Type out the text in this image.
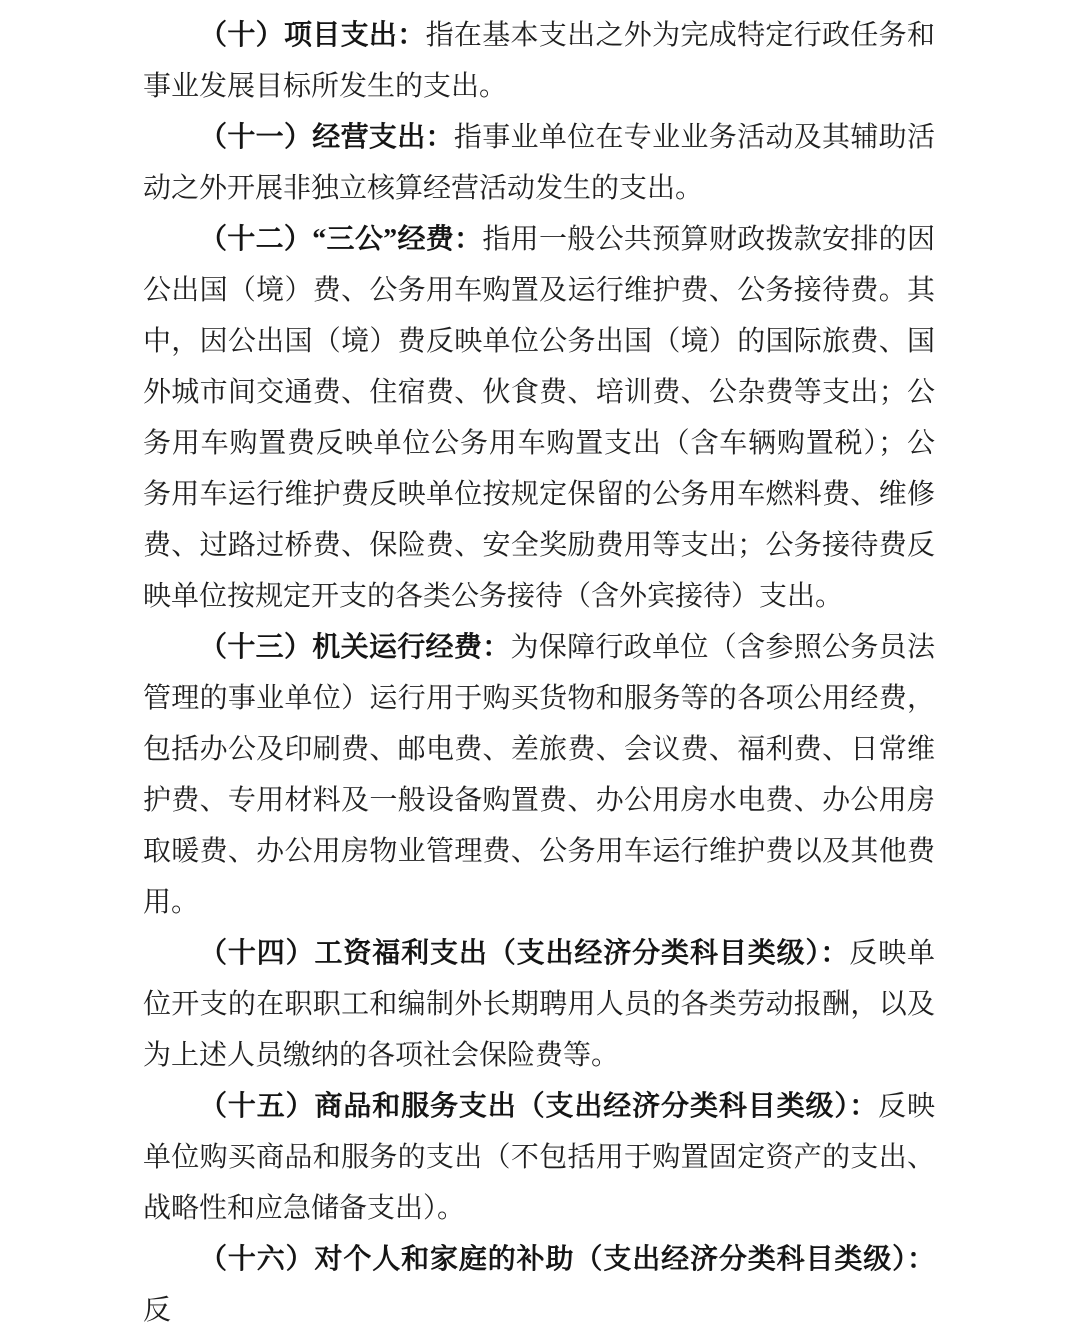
（十）项目支出：指在基本支出之外为完成特定行政任务和事业发展目标所发生的支出。

（十一）经营支出：指事业单位在专业业务活动及其辅助活动之外开展非独立核算经营活动发生的支出。

（十二）“三公”经费：指用一般公共预算财政拨款安排的因公出国（境）费、公务用车购置及运行维护费、公务接待费。其中，因公出国（境）费反映单位公务出国（境）的国际旅费、国外城市间交通费、住宿费、伙食费、培训费、公杂费等支出；公务用车购置费反映单位公务用车购置支出（含车辆购置税）；公务用车运行维护费反映单位按规定保留的公务用车燃料费、维修费、过路过桥费、保险费、安全奖励费用等支出；公务接待费反映单位按规定开支的各类公务接待（含外宾接待）支出。

（十三）机关运行经费：为保障行政单位（含参照公务员法管理的事业单位）运行用于购买货物和服务等的各项公用经费，包括办公及印刷费、邮电费、差旅费、会议费、福利费、日常维护费、专用材料及一般设备购置费、办公用房水电费、办公用房取暖费、办公用房物业管理费、公务用车运行维护费以及其他费用。

（十四）工资福利支出（支出经济分类科目类级）：反映单位开支的在职职工和编制外长期聘用人员的各类劳动报酬，以及为上述人员缴纳的各项社会保险费等。

（十五）商品和服务支出（支出经济分类科目类级）：反映单位购买商品和服务的支出（不包括用于购置固定资产的支出、战略性和应急储备支出）。

（十六）对个人和家庭的补助（支出经济分类科目类级）：反
